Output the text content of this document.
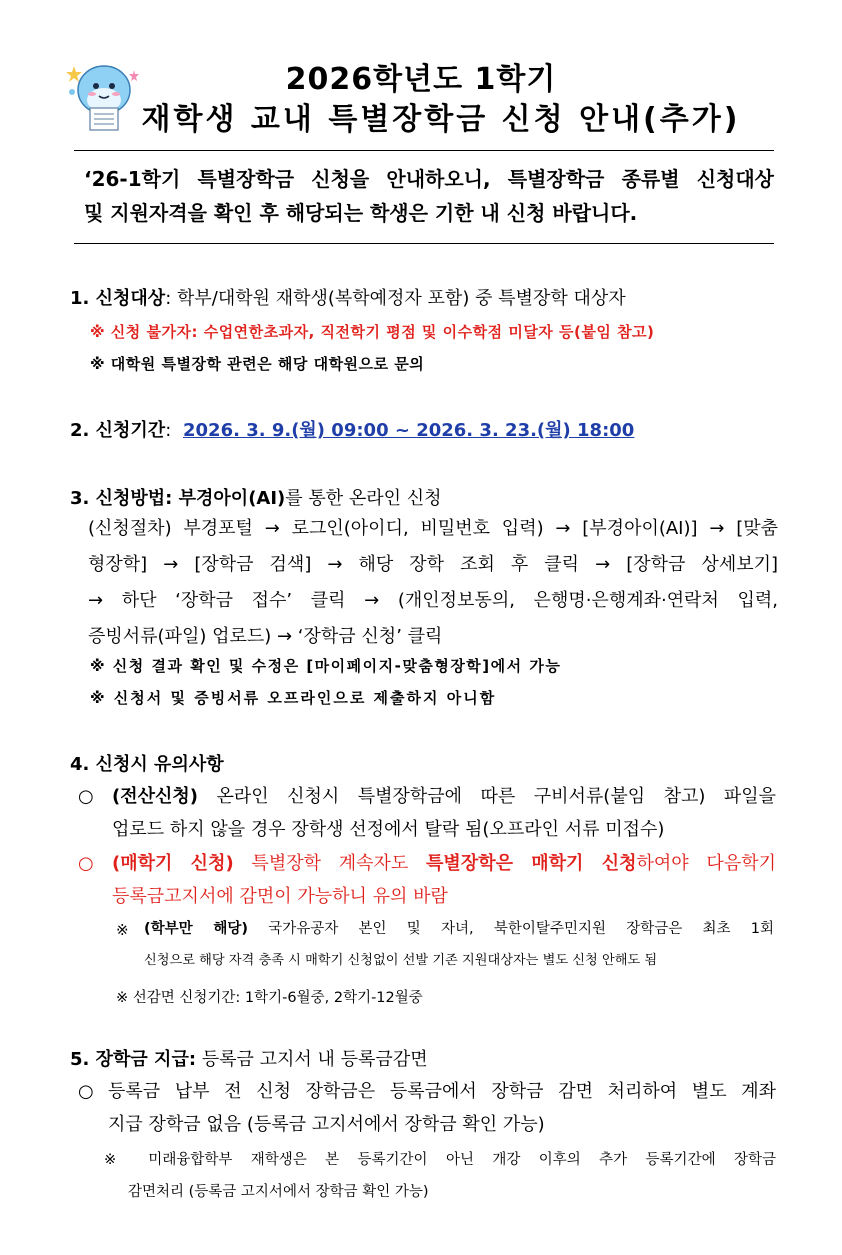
2026학년도 1학기
재학생 교내 특별장학금 신청 안내(추가)
‘26-1학기 특별장학금 신청을 안내하오니, 특별장학금 종류별 신청대상
및 지원자격을 확인 후 해당되는 학생은 기한 내 신청 바랍니다.
1. 신청대상: 학부/대학원 재학생(복학예정자 포함) 중 특별장학 대상자
※ 신청 불가자: 수업연한초과자, 직전학기 평점 및 이수학점 미달자 등(붙임 참고)
※ 대학원 특별장학 관련은 해당 대학원으로 문의
2. 신청기간: 2026. 3. 9.(월) 09:00 ~ 2026. 3. 23.(월) 18:00
3. 신청방법: 부경아이(AI)를 통한 온라인 신청
(신청절차) 부경포털 → 로그인(아이디, 비밀번호 입력) → [부경아이(AI)] → [맞춤
형장학] → [장학금 검색] → 해당 장학 조회 후 클릭 → [장학금 상세보기]
→ 하단 ‘장학금 접수’ 클릭 → (개인정보동의, 은행명·은행계좌·연락처 입력,
증빙서류(파일) 업로드) → ‘장학금 신청’ 클릭
※ 신청 결과 확인 및 수정은 [마이페이지-맞춤형장학]에서 가능
※ 신청서 및 증빙서류 오프라인으로 제출하지 아니함
4. 신청시 유의사항
○ (전산신청) 온라인 신청시 특별장학금에 따른 구비서류(붙임 참고) 파일을
업로드 하지 않을 경우 장학생 선정에서 탈락 됨(오프라인 서류 미접수)
○ (매학기 신청) 특별장학 계속자도 특별장학은 매학기 신청하여야 다음학기
등록금고지서에 감면이 가능하니 유의 바람
※ (학부만 해당) 국가유공자 본인 및 자녀, 북한이탈주민지원 장학금은 최초 1회
신청으로 해당 자격 충족 시 매학기 신청없이 선발 기존 지원대상자는 별도 신청 안해도 됨
※ 선감면 신청기간: 1학기-6월중, 2학기-12월중
5. 장학금 지급: 등록금 고지서 내 등록금감면
○ 등록금 납부 전 신청 장학금은 등록금에서 장학금 감면 처리하여 별도 계좌
지급 장학금 없음 (등록금 고지서에서 장학금 확인 가능)
※ 미래융합학부 재학생은 본 등록기간이 아닌 개강 이후의 추가 등록기간에 장학금
감면처리 (등록금 고지서에서 장학금 확인 가능)
